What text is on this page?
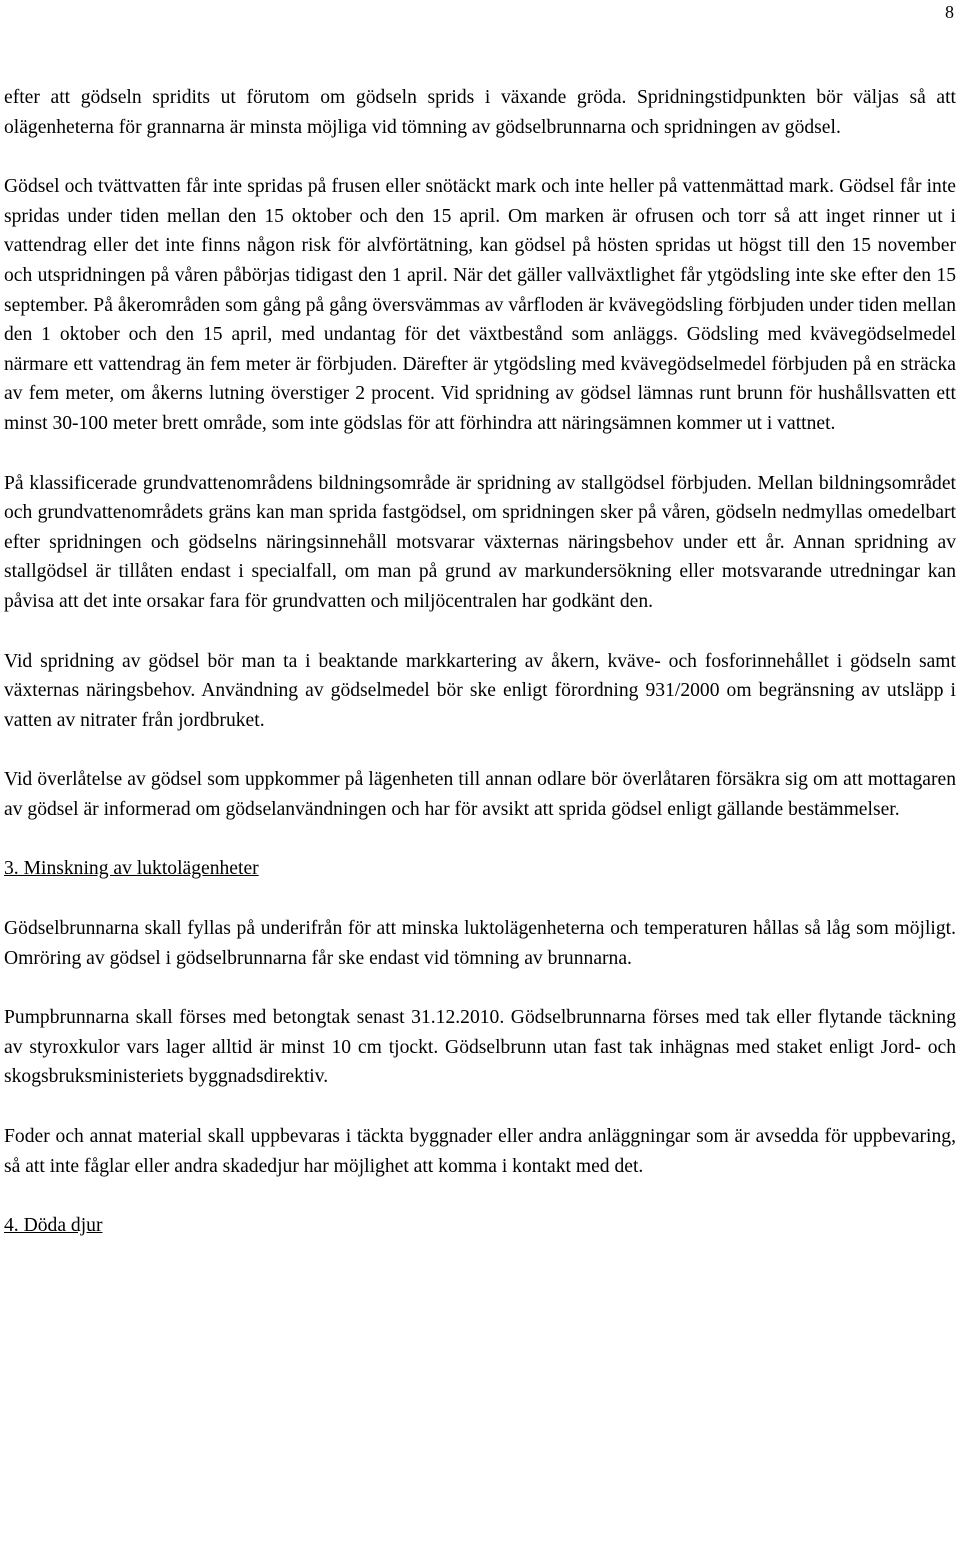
8

efter att gödseln spridits ut förutom om gödseln sprids i växande gröda. Spridningstidpunkten bör väljas så att olägenheterna för grannarna är minsta möjliga vid tömning av gödselbrunnarna och spridningen av gödsel.

Gödsel och tvättvatten får inte spridas på frusen eller snötäckt mark och inte heller på vattenmättad mark. Gödsel får inte spridas under tiden mellan den 15 oktober och den 15 april. Om marken är ofrusen och torr så att inget rinner ut i vattendrag eller det inte finns någon risk för alvförtätning, kan gödsel på hösten spridas ut högst till den 15 november och utspridningen på våren påbörjas tidigast den 1 april. När det gäller vallväxtlighet får ytgödsling inte ske efter den 15 september. På åkerområden som gång på gång översvämmas av vårfloden är kvävegödsling förbjuden under tiden mellan den 1 oktober och den 15 april, med undantag för det växtbestånd som anläggs. Gödsling med kvävegödselmedel närmare ett vattendrag än fem meter är förbjuden. Därefter är ytgödsling med kvävegödselmedel förbjuden på en sträcka av fem meter, om åkerns lutning överstiger 2 procent. Vid spridning av gödsel lämnas runt brunn för hushållsvatten ett minst 30-100 meter brett område, som inte gödslas för att förhindra att näringsämnen kommer ut i vattnet.

På klassificerade grundvattenområdens bildningsområde är spridning av stallgödsel förbjuden. Mellan bildningsområdet och grundvattenområdets gräns kan man sprida fastgödsel, om spridningen sker på våren, gödseln nedmyllas omedelbart efter spridningen och gödselns näringsinnehåll motsvarar växternas näringsbehov under ett år. Annan spridning av stallgödsel är tillåten endast i specialfall, om man på grund av markundersökning eller motsvarande utredningar kan påvisa att det inte orsakar fara för grundvatten och miljöcentralen har godkänt den.

Vid spridning av gödsel bör man ta i beaktande markkartering av åkern, kväve- och fosforinnehållet i gödseln samt växternas näringsbehov. Användning av gödselmedel bör ske enligt förordning 931/2000 om begränsning av utsläpp i vatten av nitrater från jordbruket.

Vid överlåtelse av gödsel som uppkommer på lägenheten till annan odlare bör överlåtaren försäkra sig om att mottagaren av gödsel är informerad om gödselanvändningen och har för avsikt att sprida gödsel enligt gällande bestämmelser.

3. Minskning av luktolägenheter

Gödselbrunnarna skall fyllas på underifrån för att minska luktolägenheterna och temperaturen hållas så låg som möjligt. Omröring av gödsel i gödselbrunnarna får ske endast vid tömning av brunnarna.

Pumpbrunnarna skall förses med betongtak senast 31.12.2010. Gödselbrunnarna förses med tak eller flytande täckning av styroxkulor vars lager alltid är minst 10 cm tjockt. Gödselbrunn utan fast tak inhägnas med staket enligt Jord- och skogsbruksministeriets byggnadsdirektiv.

Foder och annat material skall uppbevaras i täckta byggnader eller andra anläggningar som är avsedda för uppbevaring, så att inte fåglar eller andra skadedjur har möjlighet att komma i kontakt med det.

4. Döda djur
